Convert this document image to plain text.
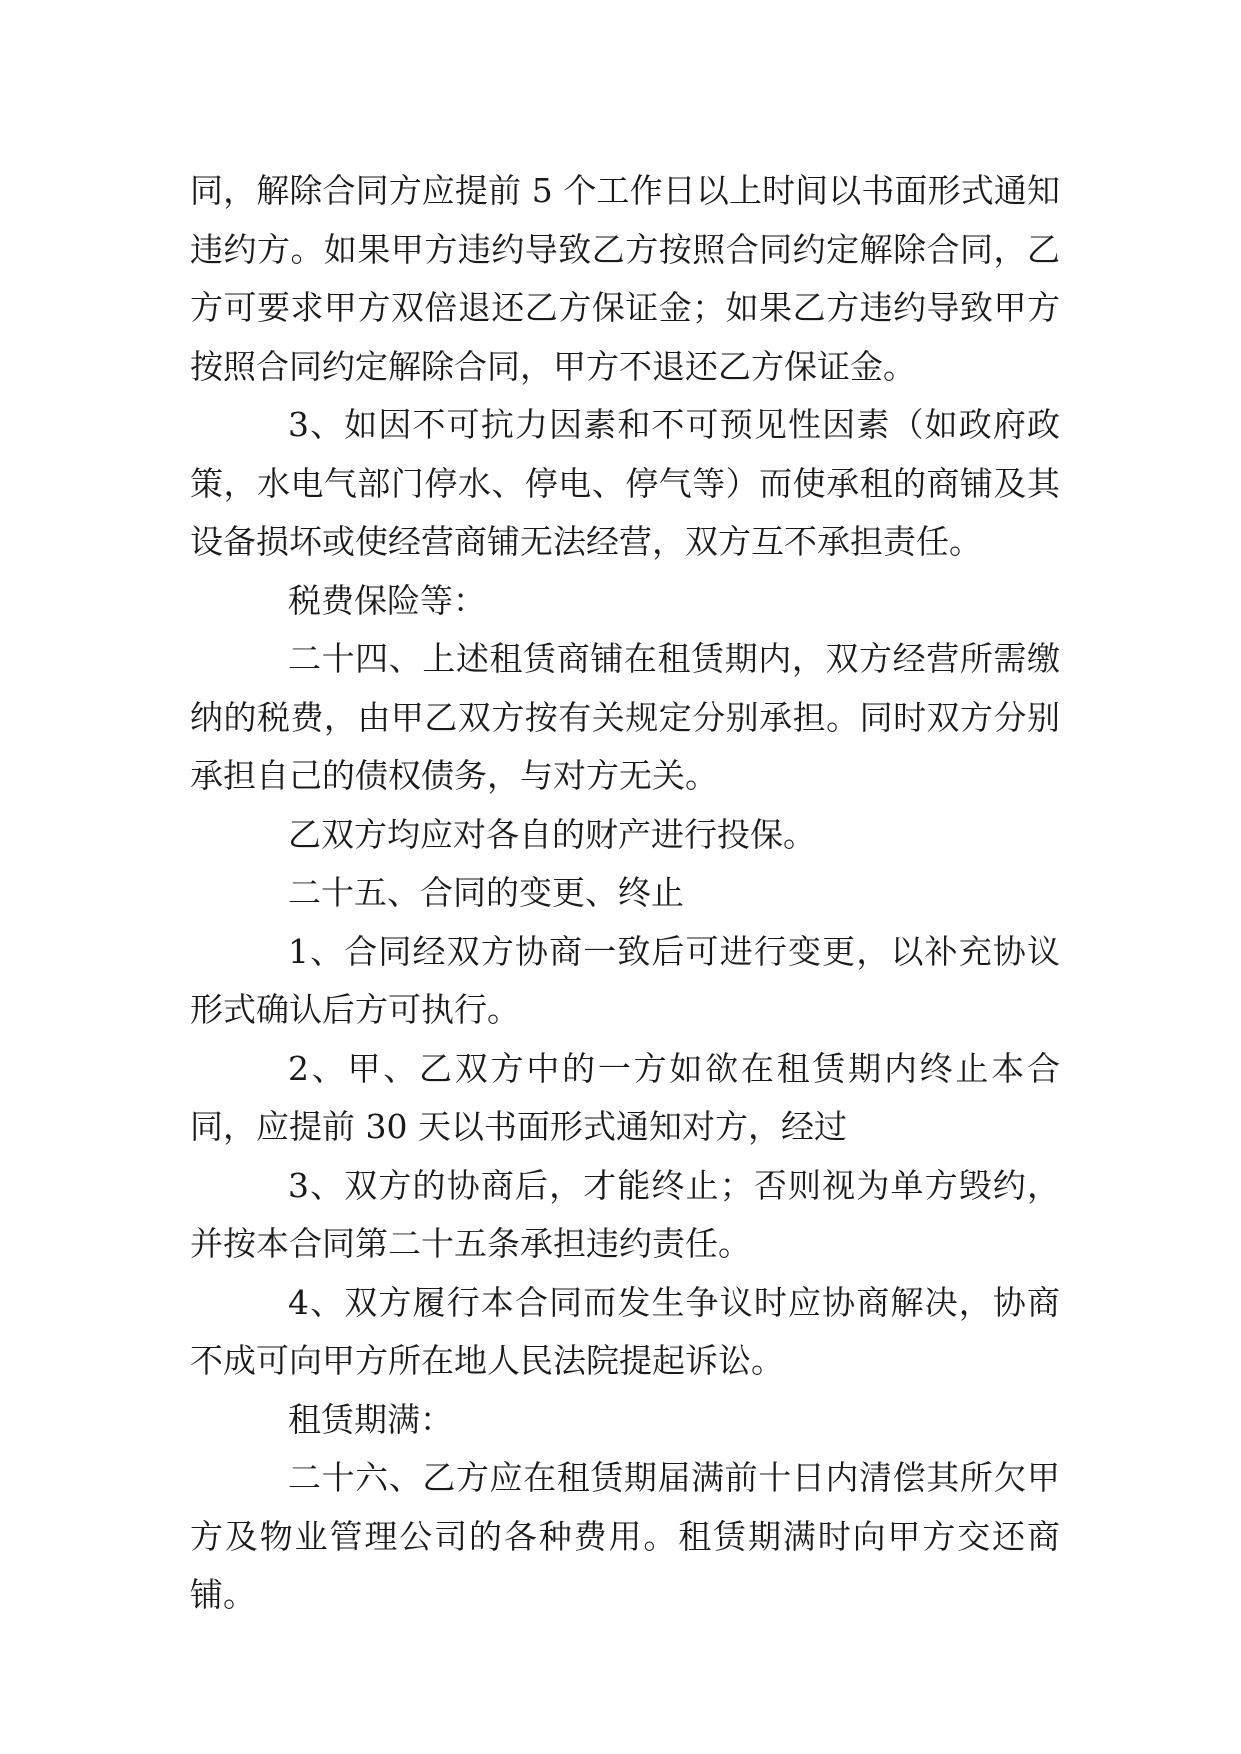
同，解除合同方应提前 5 个工作日以上时间以书面形式通知违约方。如果甲方违约导致乙方按照合同约定解除合同，乙方可要求甲方双倍退还乙方保证金；如果乙方违约导致甲方按照合同约定解除合同，甲方不退还乙方保证金。

3、如因不可抗力因素和不可预见性因素（如政府政策，水电气部门停水、停电、停气等）而使承租的商铺及其设备损坏或使经营商铺无法经营，双方互不承担责任。

税费保险等：

二十四、上述租赁商铺在租赁期内，双方经营所需缴纳的税费，由甲乙双方按有关规定分别承担。同时双方分别承担自己的债权债务，与对方无关。

乙双方均应对各自的财产进行投保。

二十五、合同的变更、终止

1、合同经双方协商一致后可进行变更，以补充协议形式确认后方可执行。

2、甲、乙双方中的一方如欲在租赁期内终止本合同，应提前 30 天以书面形式通知对方，经过

3、双方的协商后，才能终止；否则视为单方毁约，并按本合同第二十五条承担违约责任。

4、双方履行本合同而发生争议时应协商解决，协商不成可向甲方所在地人民法院提起诉讼。

租赁期满：

二十六、乙方应在租赁期届满前十日内清偿其所欠甲方及物业管理公司的各种费用。租赁期满时向甲方交还商铺。
